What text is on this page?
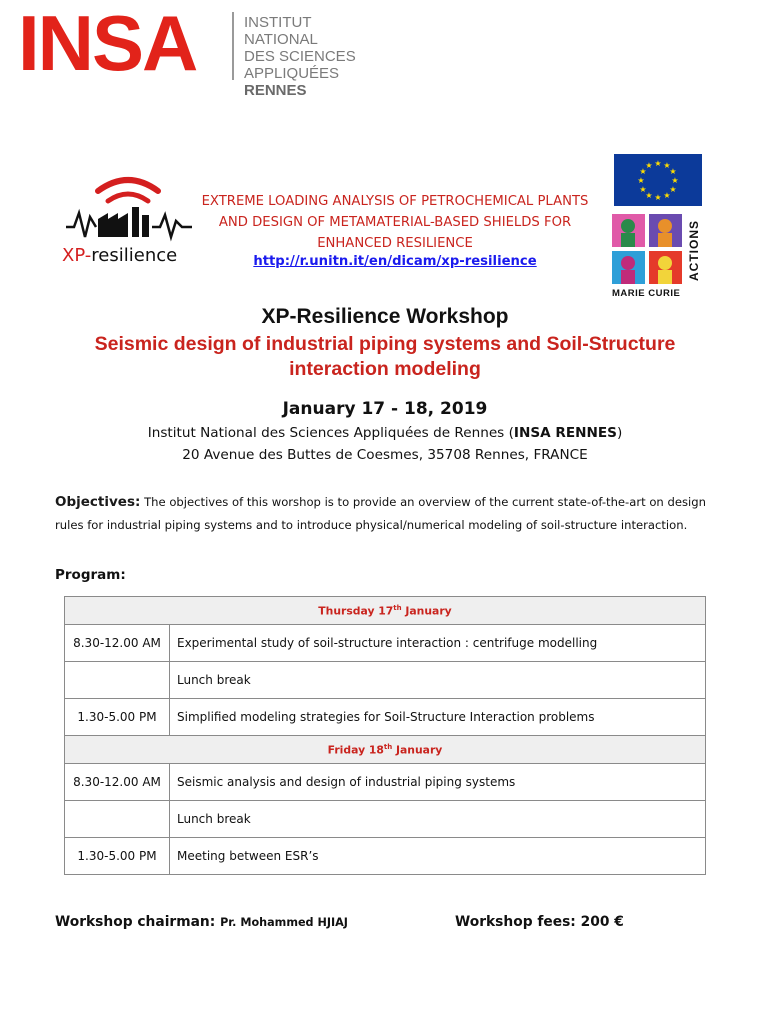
INSA	INSTITUT NATIONAL
DES SCIENCES
APPLIQUÉES
RENNES
XP-resilience
EXTREME LOADING ANALYSIS OF PETROCHEMICAL PLANTS AND DESIGN OF METAMATERIAL-BASED SHIELDS FOR ENHANCED RESILIENCE
http://r.unitn.it/en/dicam/xp-resilience
★ ★
★
★
★
★
★
★
★
★
★
★
ACTIONS
MARIE CURIE
XP-Resilience Workshop
Seismic design of industrial piping systems and Soil-Structure interaction modeling
January 17 - 18, 2019
Institut National des Sciences Appliquées de Rennes (INSA RENNES)
20 Avenue des Buttes de Coesmes, 35708 Rennes, FRANCE
Objectives: The objectives of this worshop is to provide an overview of the current state-of-the-art on design rules for industrial piping systems and to introduce physical/numerical modeling of soil-structure interaction.
Program:
Thursday 17th January	
8.30-12.00 AM	Experimental study of soil-structure interaction : centrifuge modelling
	Lunch break
1.30-5.00 PM	Simplified modeling strategies for Soil-Structure Interaction problems
Friday 18th January	
8.30-12.00 AM	Seismic analysis and design of industrial piping systems
	Lunch break
1.30-5.00 PM	Meeting between ESR’s
Workshop chairman: Pr. Mohammed HJIAJ	Workshop fees: 200 €
